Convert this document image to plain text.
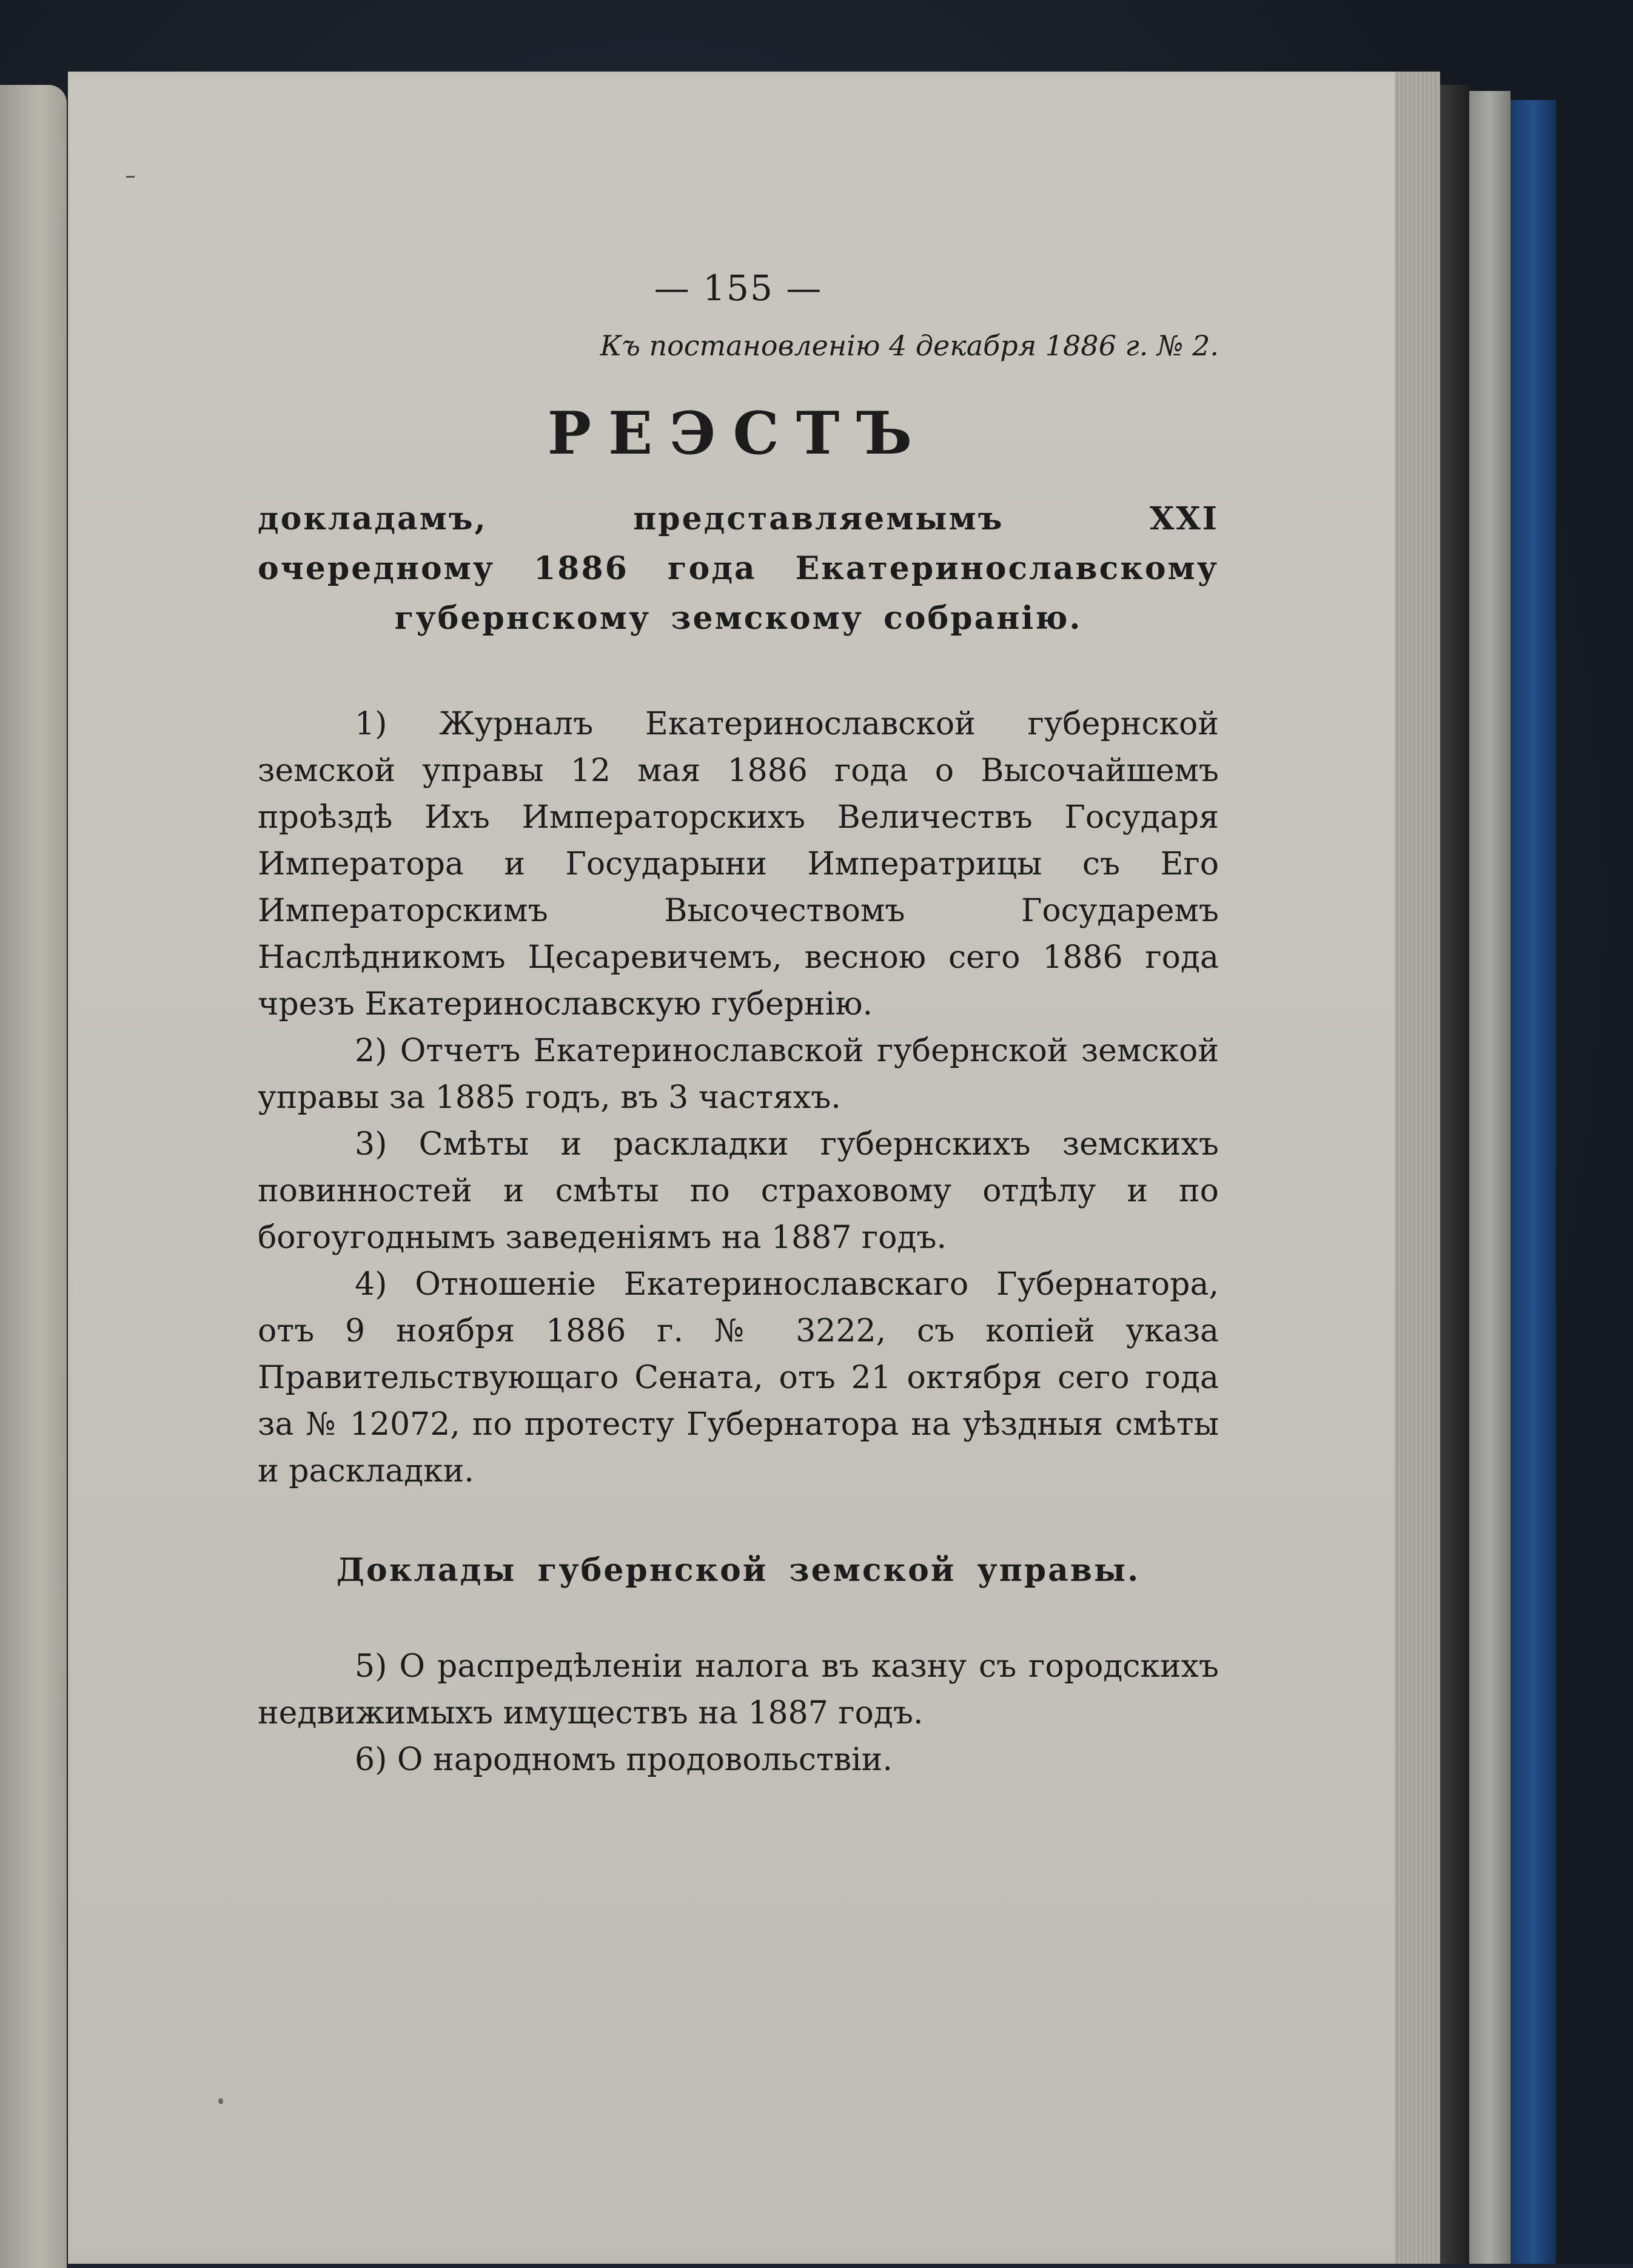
— 155 —
Къ постановленію 4 декабря 1886 г. № 2.
РЕЭСТЪ
докладамъ, представляемымъ XXI очередному 1886 года Екатеринославскому губернскому земскому собранію.

1) Журналъ Екатеринославской губернской земской управы 12 мая 1886 года о Высочайшемъ проѣздѣ Ихъ Императорскихъ Величествъ Государя Императора и Государыни Императрицы съ Его Императорскимъ Высочествомъ Государемъ Наслѣдникомъ Цесаревичемъ, весною сего 1886 года чрезъ Екатеринославскую губернію.

2) Отчетъ Екатеринославской губернской земской управы за 1885 годъ, въ 3 частяхъ.

3) Смѣты и раскладки губернскихъ земскихъ повинностей и смѣты по страховому отдѣлу и по богоугоднымъ заведеніямъ на 1887 годъ.

4) Отношеніе Екатеринославскаго Губернатора, отъ 9 ноября 1886 г. № 3222, съ копіей указа Правительствующаго Сената, отъ 21 октября сего года за № 12072, по протесту Губернатора на уѣздныя смѣты и раскладки.

Доклады губернской земской управы.

5) О распредѣленіи налога въ казну съ городскихъ недвижимыхъ имуществъ на 1887 годъ.

6) О народномъ продовольствіи.
